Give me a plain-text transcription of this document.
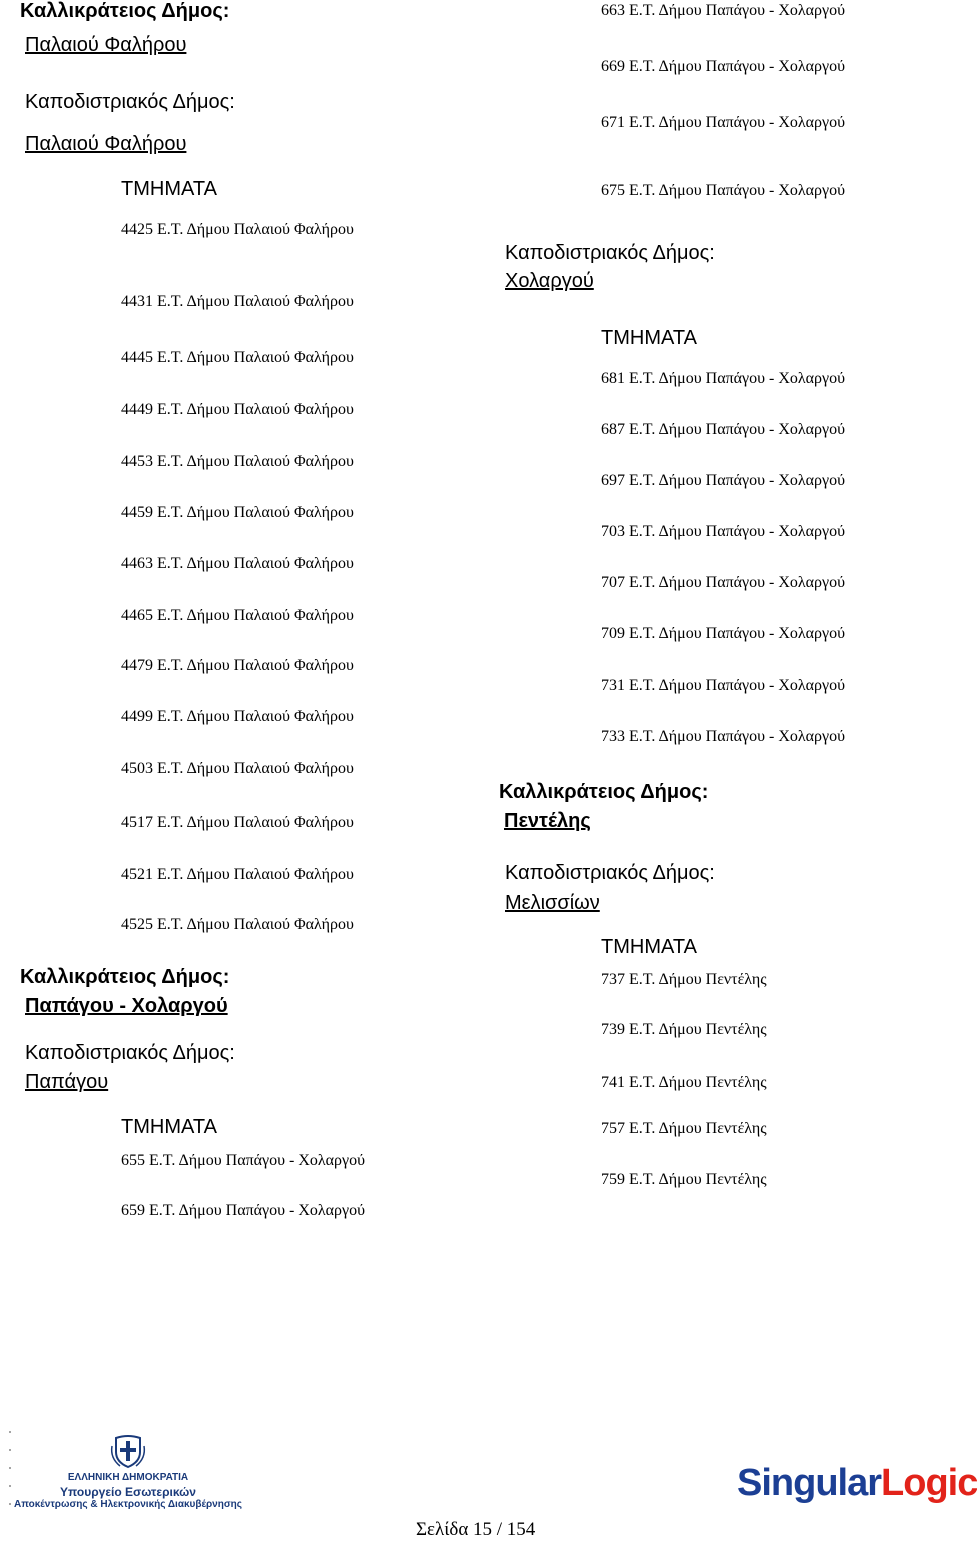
Καλλικράτειος Δήμος:
Παλαιού Φαλήρου
Καποδιστριακός Δήμος:
Παλαιού Φαλήρου
ΤΜΗΜΑΤΑ
4425 Ε.Τ. Δήμου Παλαιού Φαλήρου
4431 Ε.Τ. Δήμου Παλαιού Φαλήρου
4445 Ε.Τ. Δήμου Παλαιού Φαλήρου
4449 Ε.Τ. Δήμου Παλαιού Φαλήρου
4453 Ε.Τ. Δήμου Παλαιού Φαλήρου
4459 Ε.Τ. Δήμου Παλαιού Φαλήρου
4463 Ε.Τ. Δήμου Παλαιού Φαλήρου
4465 Ε.Τ. Δήμου Παλαιού Φαλήρου
4479 Ε.Τ. Δήμου Παλαιού Φαλήρου
4499 Ε.Τ. Δήμου Παλαιού Φαλήρου
4503 Ε.Τ. Δήμου Παλαιού Φαλήρου
4517 Ε.Τ. Δήμου Παλαιού Φαλήρου
4521 Ε.Τ. Δήμου Παλαιού Φαλήρου
4525 Ε.Τ. Δήμου Παλαιού Φαλήρου
Καλλικράτειος Δήμος:
Παπάγου - Χολαργού
Καποδιστριακός Δήμος:
Παπάγου
ΤΜΗΜΑΤΑ
655 Ε.Τ. Δήμου Παπάγου - Χολαργού
659 Ε.Τ. Δήμου Παπάγου - Χολαργού
663 Ε.Τ. Δήμου Παπάγου - Χολαργού
669 Ε.Τ. Δήμου Παπάγου - Χολαργού
671 Ε.Τ. Δήμου Παπάγου - Χολαργού
675 Ε.Τ. Δήμου Παπάγου - Χολαργού
Καποδιστριακός Δήμος:
Χολαργού
ΤΜΗΜΑΤΑ
681 Ε.Τ. Δήμου Παπάγου - Χολαργού
687 Ε.Τ. Δήμου Παπάγου - Χολαργού
697 Ε.Τ. Δήμου Παπάγου - Χολαργού
703 Ε.Τ. Δήμου Παπάγου - Χολαργού
707 Ε.Τ. Δήμου Παπάγου - Χολαργού
709 Ε.Τ. Δήμου Παπάγου - Χολαργού
731 Ε.Τ. Δήμου Παπάγου - Χολαργού
733 Ε.Τ. Δήμου Παπάγου - Χολαργού
Καλλικράτειος Δήμος:
Πεντέλης
Καποδιστριακός Δήμος:
Μελισσίων
ΤΜΗΜΑΤΑ
737 Ε.Τ. Δήμου Πεντέλης
739 Ε.Τ. Δήμου Πεντέλης
741 Ε.Τ. Δήμου Πεντέλης
757 Ε.Τ. Δήμου Πεντέλης
759 Ε.Τ. Δήμου Πεντέλης
ΕΛΛΗΝΙΚΗ ΔΗΜΟΚΡΑΤΙΑ
Υπουργείο Εσωτερικών
Αποκέντρωσης & Ηλεκτρονικής Διακυβέρνησης
Σελίδα 15 / 154
SingularLogic
